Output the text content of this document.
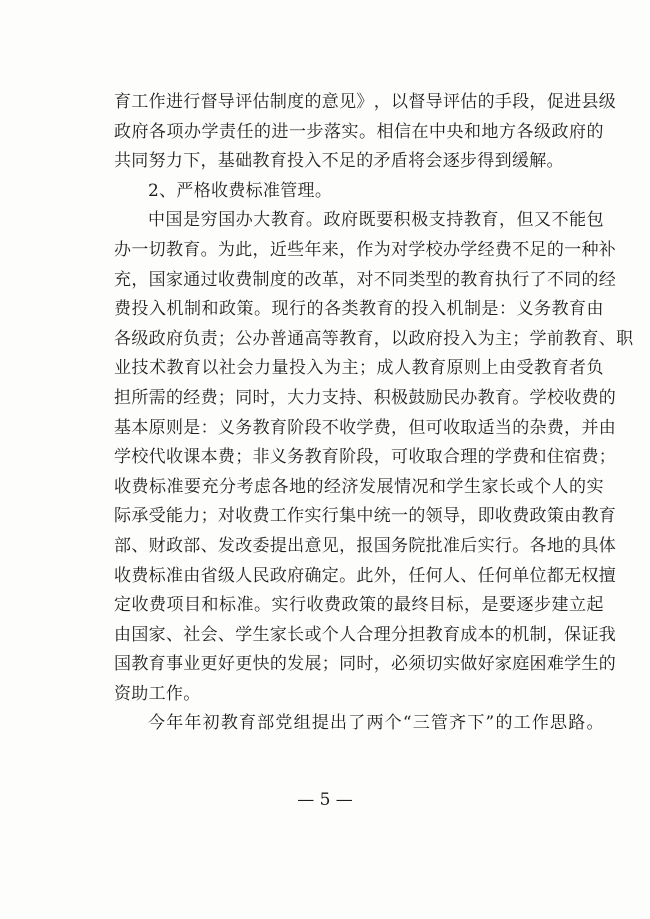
育 工 作 进 行 督 导 评 估 制 度 的 意 见 》 ， 以 督 导 评 估 的 手 段 ， 促 进 县 级
政 府 各 项 办 学 责 任 的 进 一 步 落 实 。 相 信 在 中 央 和 地 方 各 级 政 府 的
共同努力下，基础教育投入不足的矛盾将会逐步得到缓解。
2、严格收费标准管理。
中 国 是 穷 国 办 大 教 育 。 政 府 既 要 积 极 支 持 教 育 ， 但 又 不 能 包
办 一 切 教 育 。 为 此 ， 近 些 年 来 ， 作 为 对 学 校 办 学 经 费 不 足 的 一 种 补
充 ， 国 家 通 过 收 费 制 度 的 改 革 ， 对 不 同 类 型 的 教 育 执 行 了 不 同 的 经
费 投 入 机 制 和 政 策 。 现 行 的 各 类 教 育 的 投 入 机 制 是 ： 义 务 教 育 由
各 级 政 府 负 责 ； 公 办 普 通 高 等 教 育 ， 以 政 府 投 入 为 主 ； 学 前 教 育 、 职
业 技 术 教 育 以 社 会 力 量 投 入 为 主 ； 成 人 教 育 原 则 上 由 受 教 育 者 负
担 所 需 的 经 费 ； 同 时 ， 大 力 支 持 、 积 极 鼓 励 民 办 教 育 。 学 校 收 费 的
基 本 原 则 是 ： 义 务 教 育 阶 段 不 收 学 费 ， 但 可 收 取 适 当 的 杂 费 ， 并 由
学 校 代 收 课 本 费 ； 非 义 务 教 育 阶 段 ， 可 收 取 合 理 的 学 费 和 住 宿 费 ；
收 费 标 准 要 充 分 考 虑 各 地 的 经 济 发 展 情 况 和 学 生 家 长 或 个 人 的 实
际 承 受 能 力 ； 对 收 费 工 作 实 行 集 中 统 一 的 领 导 ， 即 收 费 政 策 由 教 育
部 、 财 政 部 、 发 改 委 提 出 意 见 ， 报 国 务 院 批 准 后 实 行 。 各 地 的 具 体
收 费 标 准 由 省 级 人 民 政 府 确 定 。 此 外 ， 任 何 人 、 任 何 单 位 都 无 权 擅
定 收 费 项 目 和 标 准 。 实 行 收 费 政 策 的 最 终 目 标 ， 是 要 逐 步 建 立 起
由 国 家 、 社 会 、 学 生 家 长 或 个 人 合 理 分 担 教 育 成 本 的 机 制 ， 保 证 我
国 教 育 事 业 更 好 更 快 的 发 展 ； 同 时 ， 必 须 切 实 做 好 家 庭 困 难 学 生 的
资助工作。
今 年 年 初 教 育 部 党 组 提 出 了 两 个 “ 三 管 齐 下 ” 的 工 作 思 路 。
— 5 —
